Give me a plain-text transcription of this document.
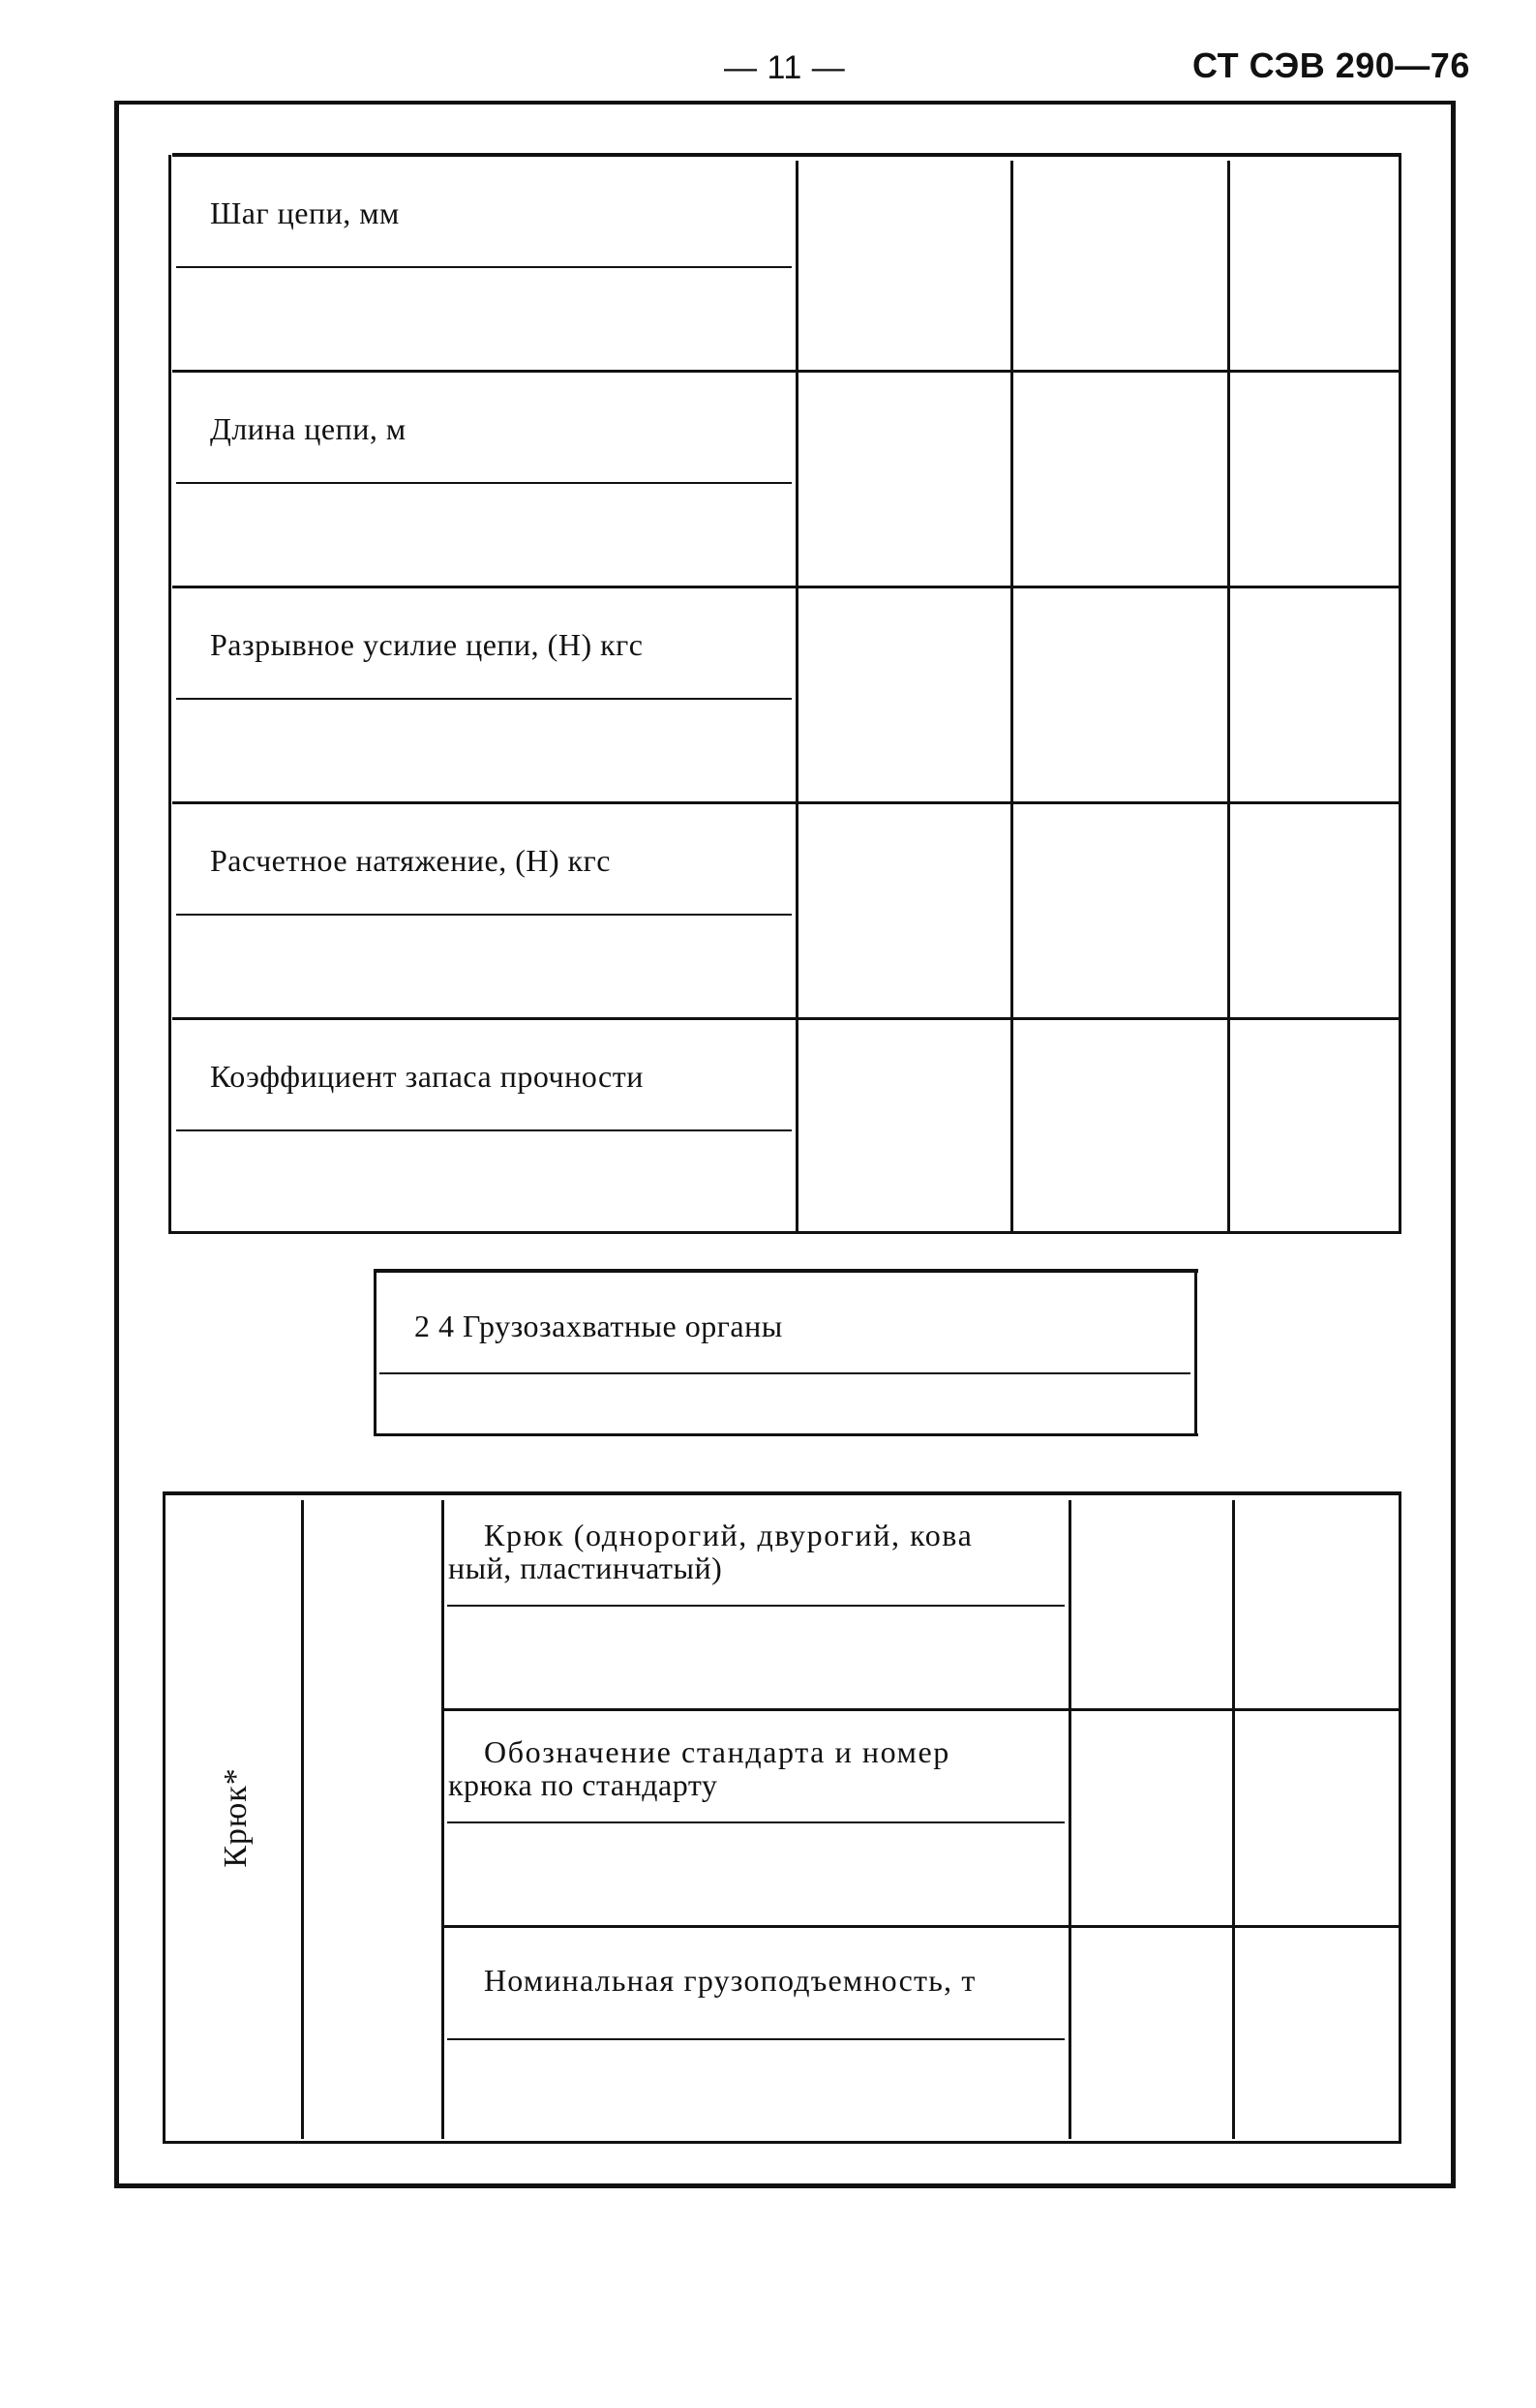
— 11 —	СТ СЭВ 290—76
Шаг цепи, мм
Длина цепи, м
Разрывное усилие цепи, (Н) кгс
Расчетное натяжение, (Н) кгс
Коэффициент запаса прочности
2 4 Грузозахватные органы
Крюк*
Крюк (однорогий, двурогий, кова
ный, пластинчатый)
Обозначение стандарта и номер
крюка по стандарту
Номинальная грузоподъемность, т
